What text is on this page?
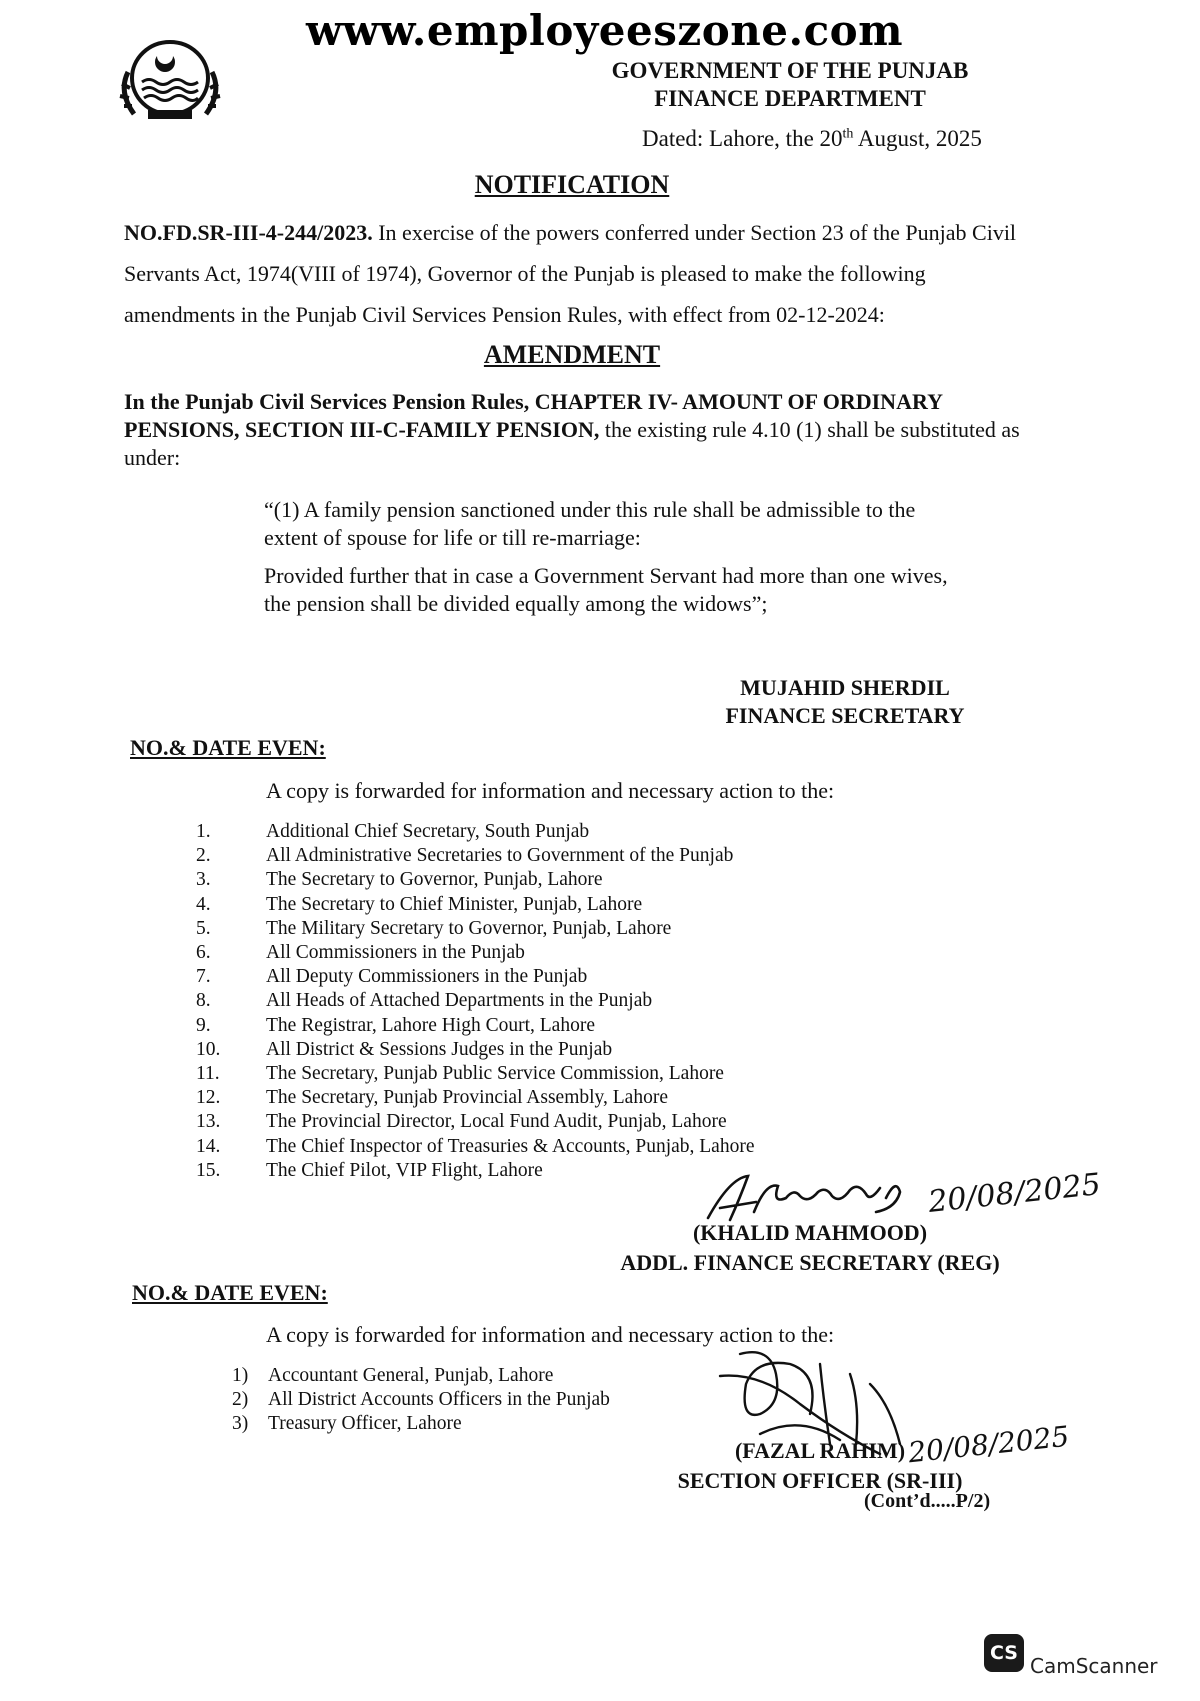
www.employeeszone.com
GOVERNMENT OF THE PUNJAB
FINANCE DEPARTMENT
Dated: Lahore, the 20th August, 2025
NOTIFICATION
NO.FD.SR-III-4-244/2023. In exercise of the powers conferred under Section 23 of the Punjab Civil Servants Act, 1974(VIII of 1974), Governor of the Punjab is pleased to make the following amendments in the Punjab Civil Services Pension Rules, with effect from 02-12-2024:
AMENDMENT
In the Punjab Civil Services Pension Rules, CHAPTER IV- AMOUNT OF ORDINARY PENSIONS, SECTION III-C-FAMILY PENSION, the existing rule 4.10 (1) shall be substituted as under:
“(1) A family pension sanctioned under this rule shall be admissible to the extent of spouse for life or till re-marriage:
Provided further that in case a Government Servant had more than one wives, the pension shall be divided equally among the widows”;
MUJAHID SHERDIL
FINANCE SECRETARY
NO.& DATE EVEN:
A copy is forwarded for information and necessary action to the:
1.	Additional Chief Secretary, South Punjab
2.	All Administrative Secretaries to Government of the Punjab
3.	The Secretary to Governor, Punjab, Lahore
4.	The Secretary to Chief Minister, Punjab, Lahore
5.	The Military Secretary to Governor, Punjab, Lahore
6.	All Commissioners in the Punjab
7.	All Deputy Commissioners in the Punjab
8.	All Heads of Attached Departments in the Punjab
9.	The Registrar, Lahore High Court, Lahore
10.	All District & Sessions Judges in the Punjab
11.	The Secretary, Punjab Public Service Commission, Lahore
12.	The Secretary, Punjab Provincial Assembly, Lahore
13.	The Provincial Director, Local Fund Audit, Punjab, Lahore
14.	The Chief Inspector of Treasuries & Accounts, Punjab, Lahore
15.	The Chief Pilot, VIP Flight, Lahore	20/08/2025
(KHALID MAHMOOD)
ADDL. FINANCE SECRETARY (REG)
NO.& DATE EVEN:
A copy is forwarded for information and necessary action to the:
1)	Accountant General, Punjab, Lahore
2)	All District Accounts Officers in the Punjab
3)	Treasury Officer, Lahore	20/08/2025
(FAZAL RAHIM)
SECTION OFFICER (SR-III)
(Cont’d.....P/2)
CS
CamScanner
